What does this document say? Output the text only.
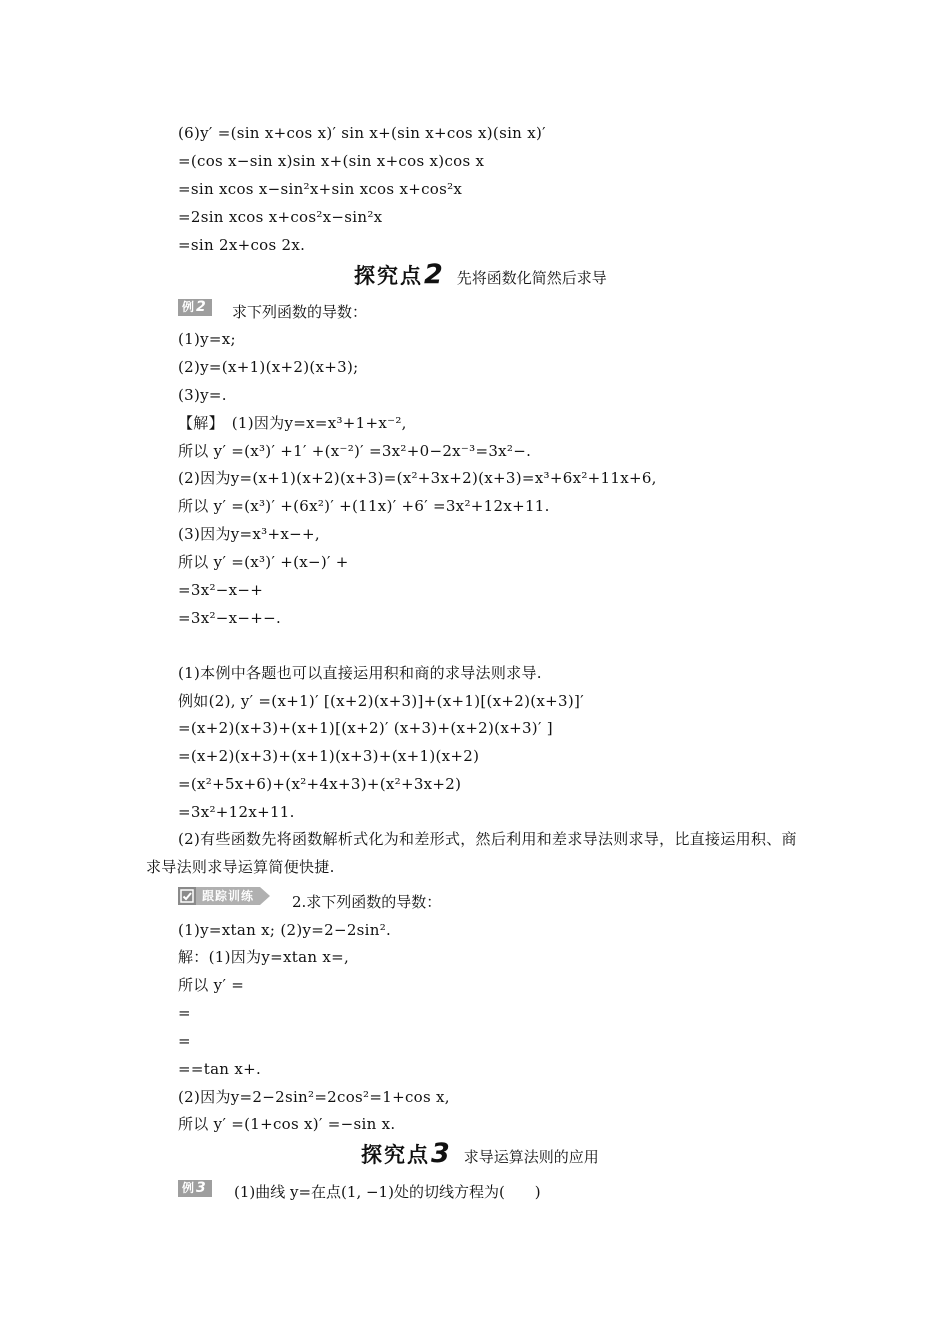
(6)y′ =(sin x+cos x)′ sin x+(sin x+cos x)(sin x)′
=(cos x−sin x)sin x+(sin x+cos x)cos x
=sin xcos x−sin²x+sin xcos x+cos²x
=2sin xcos x+cos²x−sin²x
=sin 2x+cos 2x.
探究点 2 先将函数化简然后求导
例 2	求下列函数的导数：
(1)y=x;
(2)y=(x+1)(x+2)(x+3);
(3)y=.
【解】　(1)因为y=x=x³+1+x⁻²,
所以 y′ =(x³)′ +1′ +(x⁻²)′ =3x²+0−2x⁻³=3x²−.
(2)因为y=(x+1)(x+2)(x+3)=(x²+3x+2)(x+3)=x³+6x²+11x+6,
所以 y′ =(x³)′ +(6x²)′ +(11x)′ +6′ =3x²+12x+11.
(3)因为y=x³+x−+,
所以 y′ =(x³)′ +(x−)′ +
=3x²−x−+
=3x²−x−+−.
(1)本例中各题也可以直接运用积和商的求导法则求导.
例如(2), y′ =(x+1)′ [(x+2)(x+3)]+(x+1)[(x+2)(x+3)]′
=(x+2)(x+3)+(x+1)[(x+2)′ (x+3)+(x+2)(x+3)′ ]
=(x+2)(x+3)+(x+1)(x+3)+(x+1)(x+2)
=(x²+5x+6)+(x²+4x+3)+(x²+3x+2)
=3x²+12x+11.
(2)有些函数先将函数解析式化为和差形式，然后利用和差求导法则求导，比直接运用积、商求导法则求导运算简便快捷.
跟踪训练	2.求下列函数的导数：
(1)y=xtan x; (2)y=2−2sin².
解：(1)因为y=xtan x=,
所以 y′ =
=
=
==tan x+.
(2)因为y=2−2sin²=2cos²=1+cos x,
所以 y′ =(1+cos x)′ =−sin x.
探究点 3 求导运算法则的应用
例 3	(1)曲线 y=在点(1, −1)处的切线方程为(　　)
